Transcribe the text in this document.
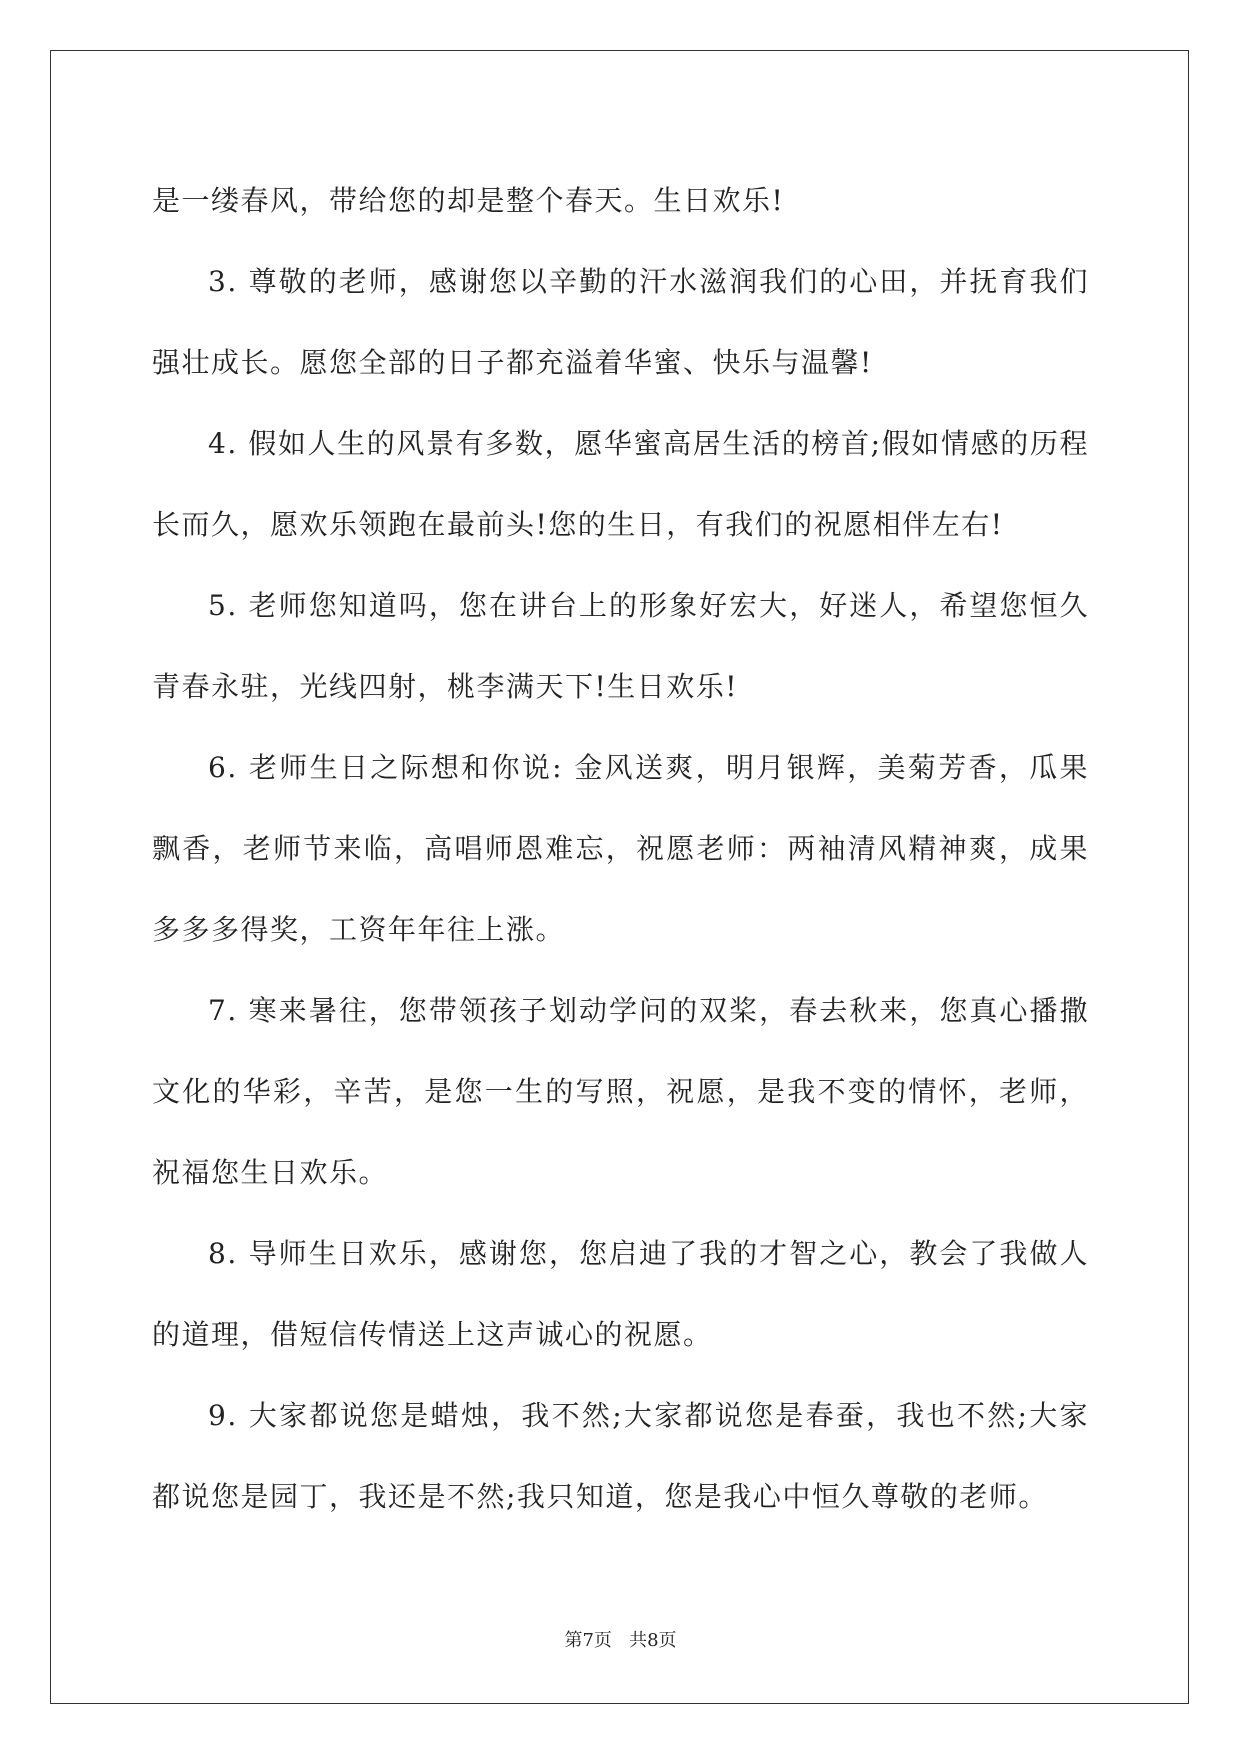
是一缕春风，带给您的却是整个春天。生日欢乐!

3. 尊敬的老师，感谢您以辛勤的汗水滋润我们的心田，并抚育我们强壮成长。愿您全部的日子都充溢着华蜜、快乐与温馨!

4. 假如人生的风景有多数，愿华蜜高居生活的榜首;假如情感的历程长而久，愿欢乐领跑在最前头!您的生日，有我们的祝愿相伴左右!

5. 老师您知道吗，您在讲台上的形象好宏大，好迷人，希望您恒久青春永驻，光线四射，桃李满天下!生日欢乐!

6. 老师生日之际想和你说: 金风送爽，明月银辉，美菊芳香，瓜果飘香，老师节来临，高唱师恩难忘，祝愿老师：两袖清风精神爽，成果多多多得奖，工资年年往上涨。

7. 寒来暑往，您带领孩子划动学问的双桨，春去秋来，您真心播撒文化的华彩，辛苦，是您一生的写照，祝愿，是我不变的情怀，老师，祝福您生日欢乐。

8. 导师生日欢乐，感谢您，您启迪了我的才智之心，教会了我做人的道理，借短信传情送上这声诚心的祝愿。

9. 大家都说您是蜡烛，我不然;大家都说您是春蚕，我也不然;大家都说您是园丁，我还是不然;我只知道，您是我心中恒久尊敬的老师。

第7页   共8页
